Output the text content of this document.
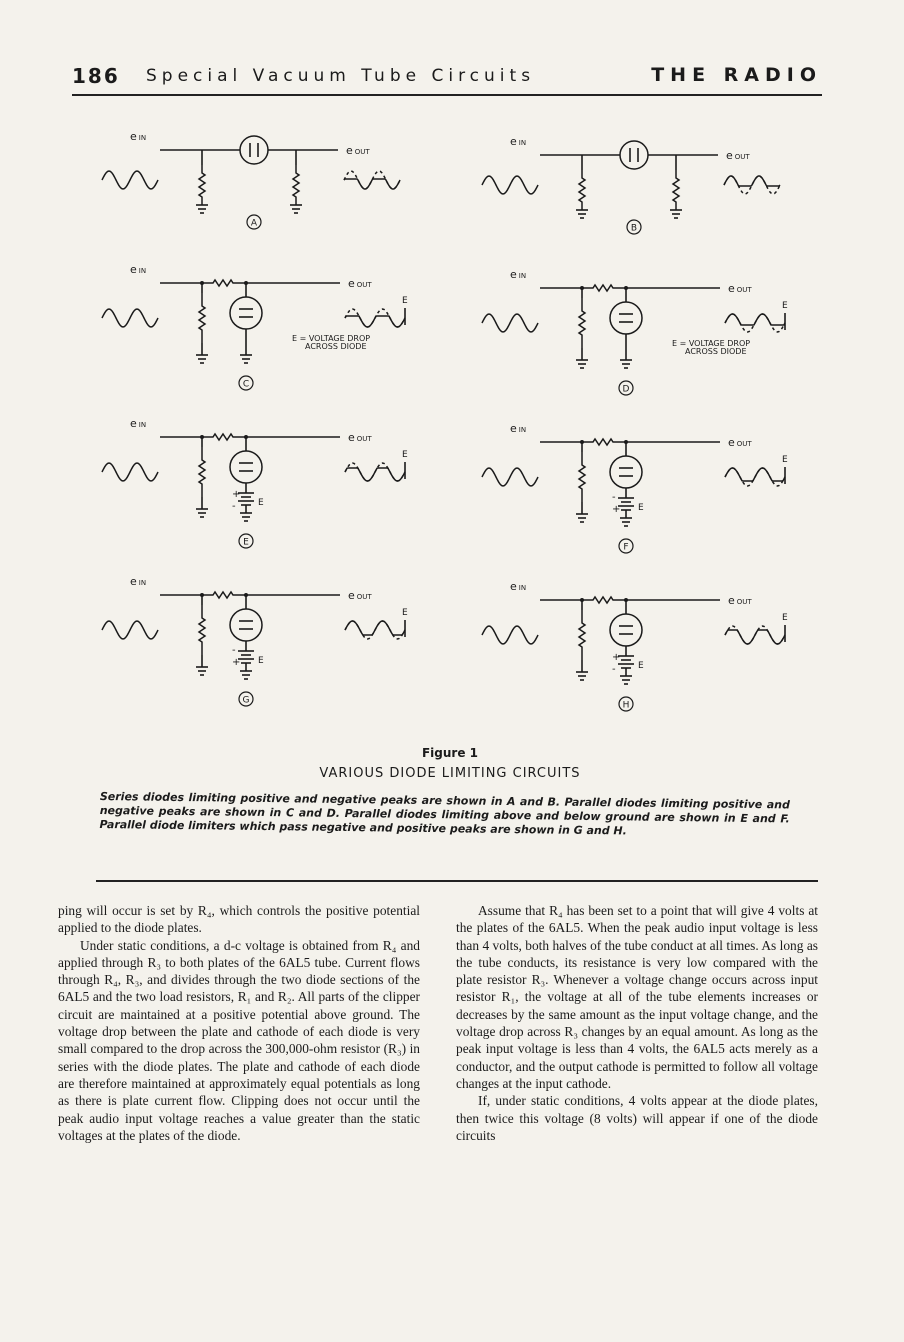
186 Special Vacuum Tube Circuits	THE RADIO
e IN
e OUT
A
e IN
e OUT
B
e IN
e OUT
E
E = VOLTAGE DROP
ACROSS DIODE
C
e IN
e OUT
E
E = VOLTAGE DROP
ACROSS DIODE
D
e IN
+
- E
e OUT
E
E
e IN
+
-
E
e OUT
E
F
e IN
+
-
E
e OUT
E
G
e IN
+
- E
e OUT
E
H
Figure 1
VARIOUS DIODE LIMITING CIRCUITS
Series diodes limiting positive and negative peaks are shown in A and B. Parallel diodes limiting positive and negative peaks are shown in C and D. Parallel diodes limiting above and below ground are shown in E and F. Parallel diode limiters which pass negative and positive peaks are shown in G and H.

ping will occur is set by R₄, which controls the positive potential applied to the diode plates.

Under static conditions, a d-c voltage is obtained from R₄ and applied through R₃ to both plates of the 6AL5 tube. Current flows through R₄, R₃, and divides through the two diode sections of the 6AL5 and the two load resistors, R₁ and R₂. All parts of the clipper circuit are maintained at a positive potential above ground. The voltage drop between the plate and cathode of each diode is very small compared to the drop across the 300,000-ohm resistor (R₃) in series with the diode plates. The plate and cathode of each diode are therefore maintained at approximately equal potentials as long as there is plate current flow. Clipping does not occur until the peak audio input voltage reaches a value greater than the static voltages at the plates of the diode.

Assume that R₄ has been set to a point that will give 4 volts at the plates of the 6AL5. When the peak audio input voltage is less than 4 volts, both halves of the tube conduct at all times. As long as the tube conducts, its resistance is very low compared with the plate resistor R₃. Whenever a voltage change occurs across input resistor R₁, the voltage at all of the tube elements increases or decreases by the same amount as the input voltage change, and the voltage drop across R₃ changes by an equal amount. As long as the peak input voltage is less than 4 volts, the 6AL5 acts merely as a conductor, and the output cathode is permitted to follow all voltage changes at the input cathode.

If, under static conditions, 4 volts appear at the diode plates, then twice this voltage (8 volts) will appear if one of the diode circuits
